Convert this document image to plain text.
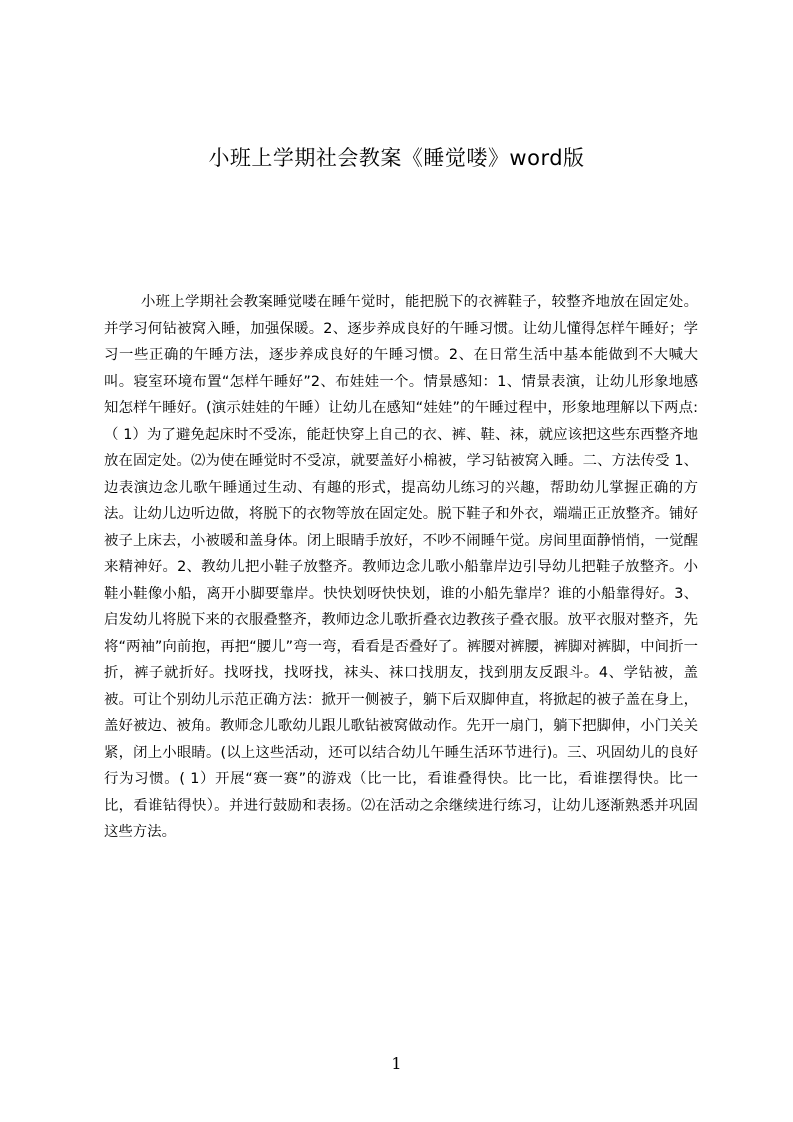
小班上学期社会教案《睡觉喽》word版

小班上学期社会教案睡觉喽在睡午觉时，能把脱下的衣裤鞋子，较整齐地放在固定处。并学习何钻被窝入睡，加强保暖。2、逐步养成良好的午睡习惯。让幼儿懂得怎样午睡好；学习一些正确的午睡方法，逐步养成良好的午睡习惯。2、在日常生活中基本能做到不大喊大叫。寝室环境布置“怎样午睡好”2、布娃娃一个。情景感知：1、情景表演，让幼儿形象地感知怎样午睡好。(演示娃娃的午睡）让幼儿在感知“娃娃”的午睡过程中，形象地理解以下两点:（ 1）为了避免起床时不受冻，能赶快穿上自己的衣、裤、鞋、袜，就应该把这些东西整齐地放在固定处。⑵为使在睡觉时不受凉，就要盖好小棉被，学习钻被窝入睡。二、方法传受 1、边表演边念儿歌午睡通过生动、有趣的形式，提高幼儿练习的兴趣，帮助幼儿掌握正确的方法。让幼儿边听边做，将脱下的衣物等放在固定处。脱下鞋子和外衣，端端正正放整齐。铺好被子上床去，小被暖和盖身体。闭上眼睛手放好，不吵不闹睡午觉。房间里面静悄悄，一觉醒来精神好。2、教幼儿把小鞋子放整齐。教师边念儿歌小船靠岸边引导幼儿把鞋子放整齐。小鞋小鞋像小船，离开小脚要靠岸。快快划呀快快划，谁的小船先靠岸？谁的小船靠得好。3、启发幼儿将脱下来的衣服叠整齐，教师边念儿歌折叠衣边教孩子叠衣服。放平衣服对整齐，先将“两袖”向前抱，再把“腰儿”弯一弯，看看是否叠好了。裤腰对裤腰，裤脚对裤脚，中间折一折，裤子就折好。找呀找，找呀找，袜头、袜口找朋友，找到朋友反跟斗。4、学钻被，盖被。可让个别幼儿示范正确方法：掀开一侧被子，躺下后双脚伸直，将掀起的被子盖在身上，盖好被边、被角。教师念儿歌幼儿跟儿歌钻被窝做动作。先开一扇门，躺下把脚伸，小门关关紧，闭上小眼睛。(以上这些活动，还可以结合幼儿午睡生活环节进行)。三、巩固幼儿的良好行为习惯。( 1）开展“赛一赛”的游戏（比一比，看谁叠得快。比一比，看谁摆得快。比一比，看谁钻得快）。并进行鼓励和表扬。⑵在活动之余继续进行练习，让幼儿逐渐熟悉并巩固这些方法。

1
